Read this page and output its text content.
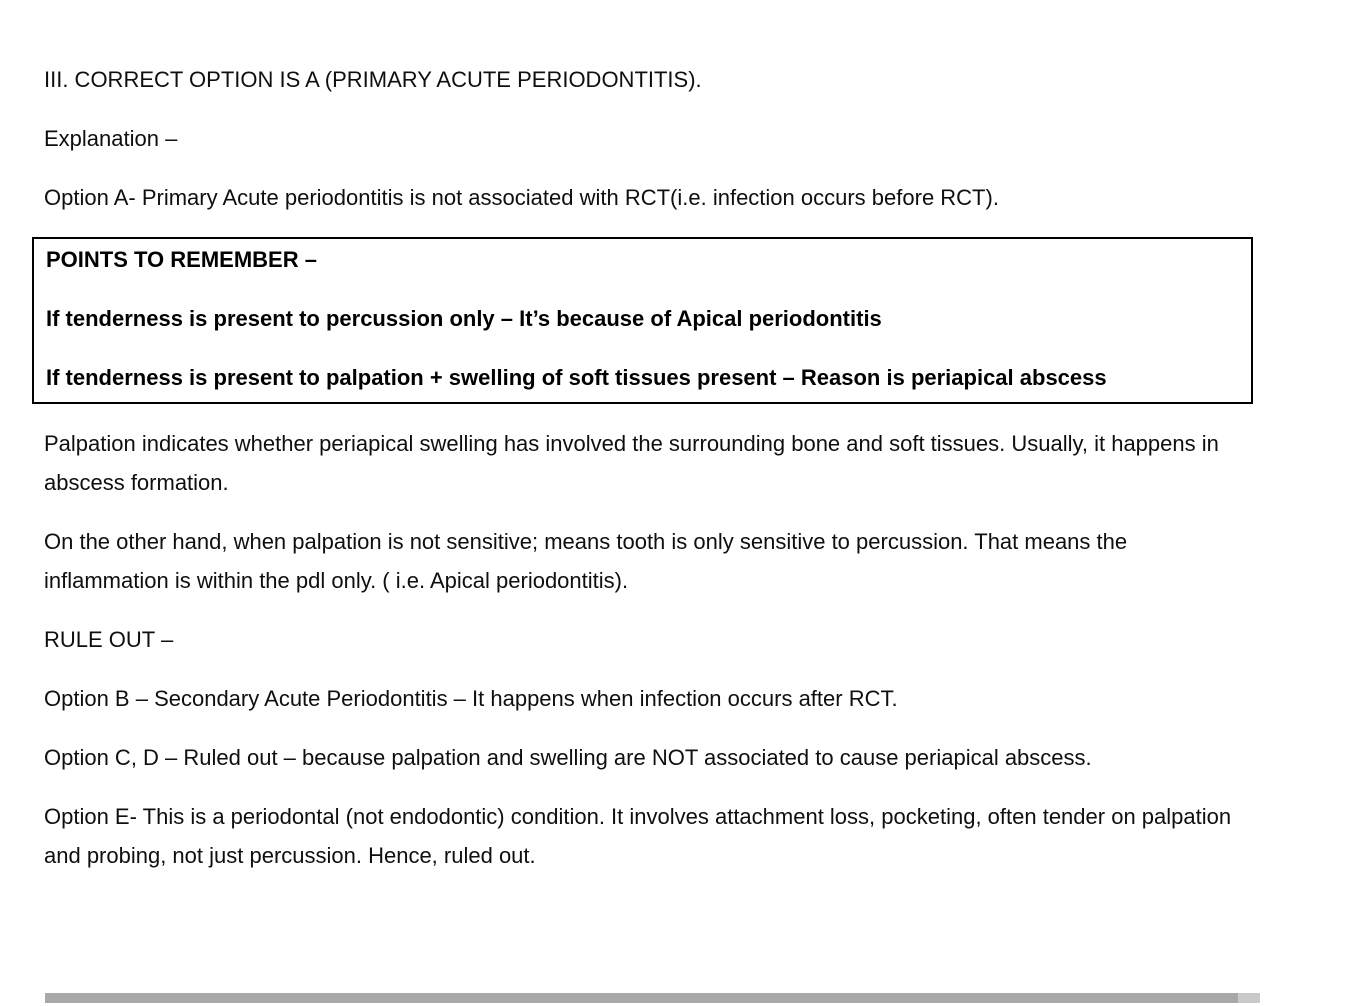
III. CORRECT OPTION IS A (PRIMARY ACUTE PERIODONTITIS).

Explanation –

Option A- Primary Acute periodontitis is not associated with RCT(i.e. infection occurs before RCT).

POINTS TO REMEMBER –

If tenderness is present to percussion only – It’s because of Apical periodontitis

If tenderness is present to palpation + swelling of soft tissues present – Reason is periapical abscess

Palpation indicates whether periapical swelling has involved the surrounding bone and soft tissues. Usually, it happens in abscess formation.

On the other hand, when palpation is not sensitive; means tooth is only sensitive to percussion. That means the inflammation is within the pdl only. ( i.e. Apical periodontitis).

RULE OUT –

Option B – Secondary Acute Periodontitis – It happens when infection occurs after RCT.

Option C, D – Ruled out – because palpation and swelling are NOT associated to cause periapical abscess.

Option E- This is a periodontal (not endodontic) condition. It involves attachment loss, pocketing, often tender on palpation and probing, not just percussion. Hence, ruled out.
